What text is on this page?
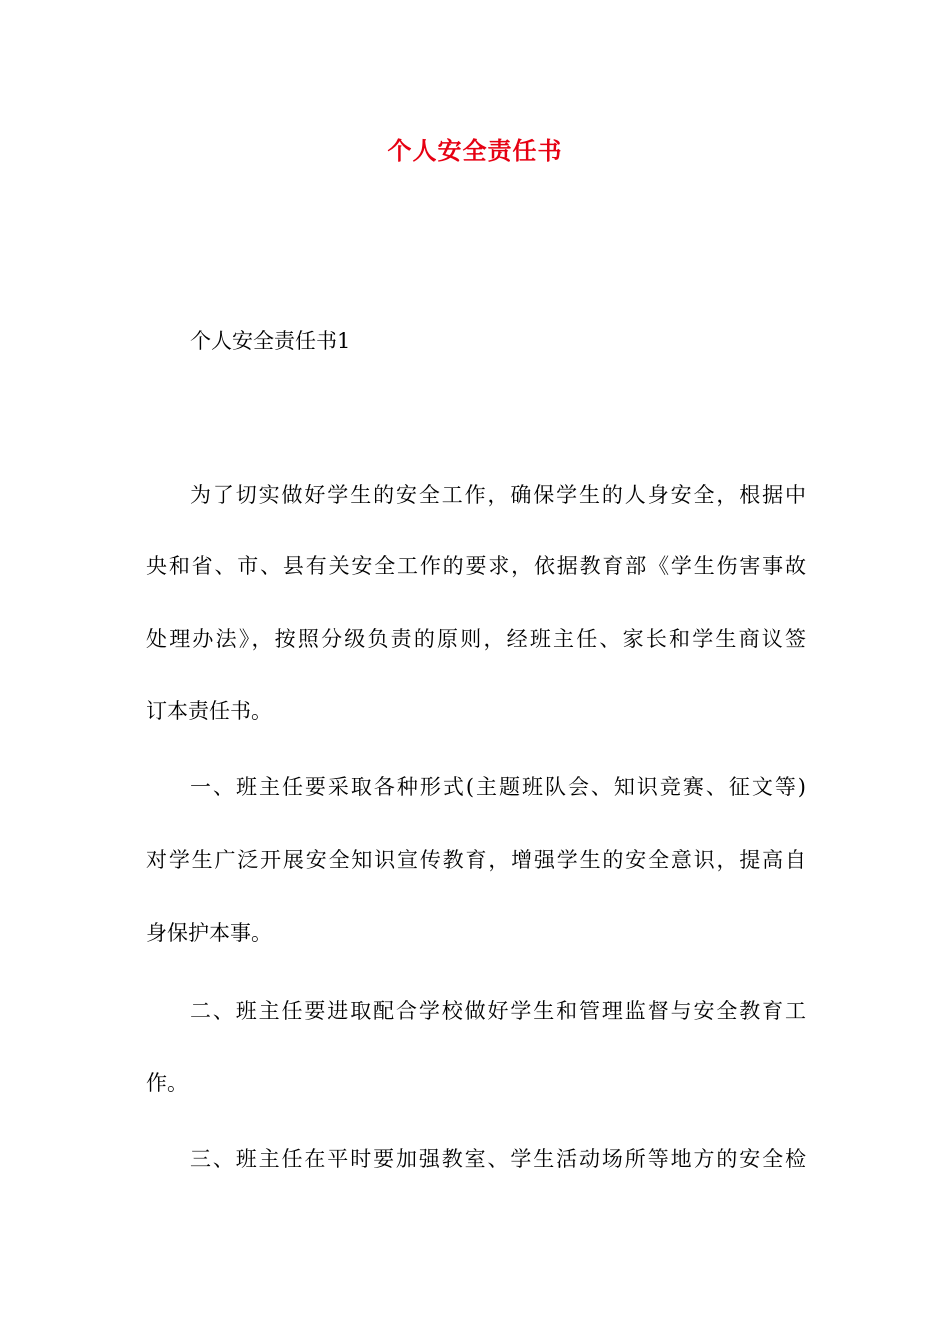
个人安全责任书
个人安全责任书1
为了切实做好学生的安全工作，确保学生的人身安全，根据中
央和省、市、县有关安全工作的要求，依据教育部《学生伤害事故
处理办法》，按照分级负责的原则，经班主任、家长和学生商议签
订本责任书。
一、班主任要采取各种形式(主题班队会、知识竞赛、征文等)
对学生广泛开展安全知识宣传教育，增强学生的安全意识，提高自
身保护本事。
二、班主任要进取配合学校做好学生和管理监督与安全教育工
作。
三、班主任在平时要加强教室、学生活动场所等地方的安全检
